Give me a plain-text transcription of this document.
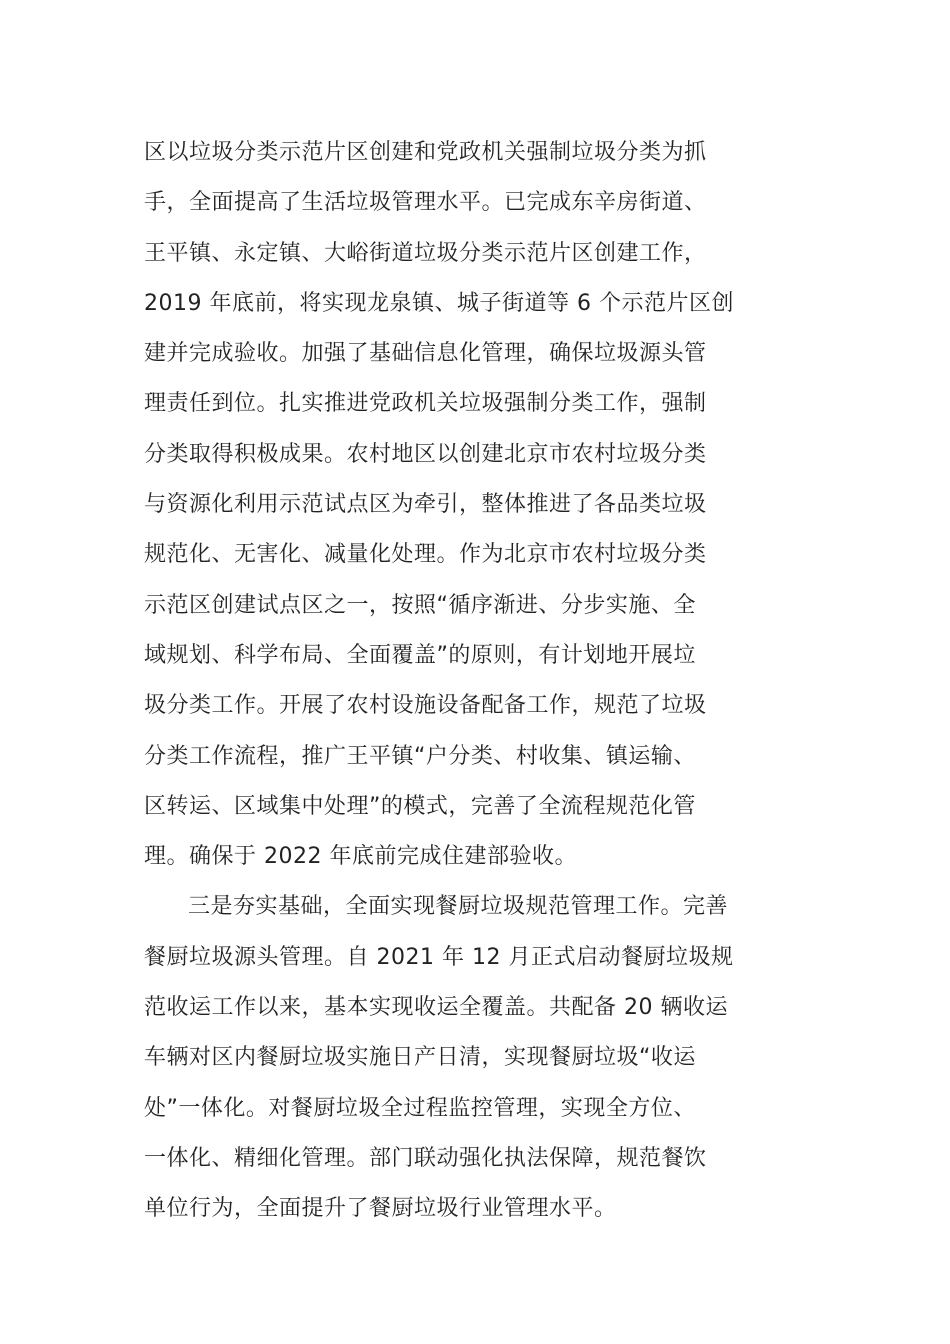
区以垃圾分类示范片区创建和党政机关强制垃圾分类为抓
手，全面提高了生活垃圾管理水平。已完成东辛房街道、
王平镇、永定镇、大峪街道垃圾分类示范片区创建工作，
2019 年底前，将实现龙泉镇、城子街道等 6 个示范片区创
建并完成验收。加强了基础信息化管理，确保垃圾源头管
理责任到位。扎实推进党政机关垃圾强制分类工作，强制
分类取得积极成果。农村地区以创建北京市农村垃圾分类
与资源化利用示范试点区为牵引，整体推进了各品类垃圾
规范化、无害化、减量化处理。作为北京市农村垃圾分类
示范区创建试点区之一，按照“循序渐进、分步实施、全
域规划、科学布局、全面覆盖”的原则，有计划地开展垃
圾分类工作。开展了农村设施设备配备工作，规范了垃圾
分类工作流程，推广王平镇“户分类、村收集、镇运输、
区转运、区域集中处理”的模式，完善了全流程规范化管
理。确保于 2022 年底前完成住建部验收。
三是夯实基础，全面实现餐厨垃圾规范管理工作。完善
餐厨垃圾源头管理。自 2021 年 12 月正式启动餐厨垃圾规
范收运工作以来，基本实现收运全覆盖。共配备 20 辆收运
车辆对区内餐厨垃圾实施日产日清，实现餐厨垃圾“收运
处”一体化。对餐厨垃圾全过程监控管理，实现全方位、
一体化、精细化管理。部门联动强化执法保障，规范餐饮
单位行为，全面提升了餐厨垃圾行业管理水平。
